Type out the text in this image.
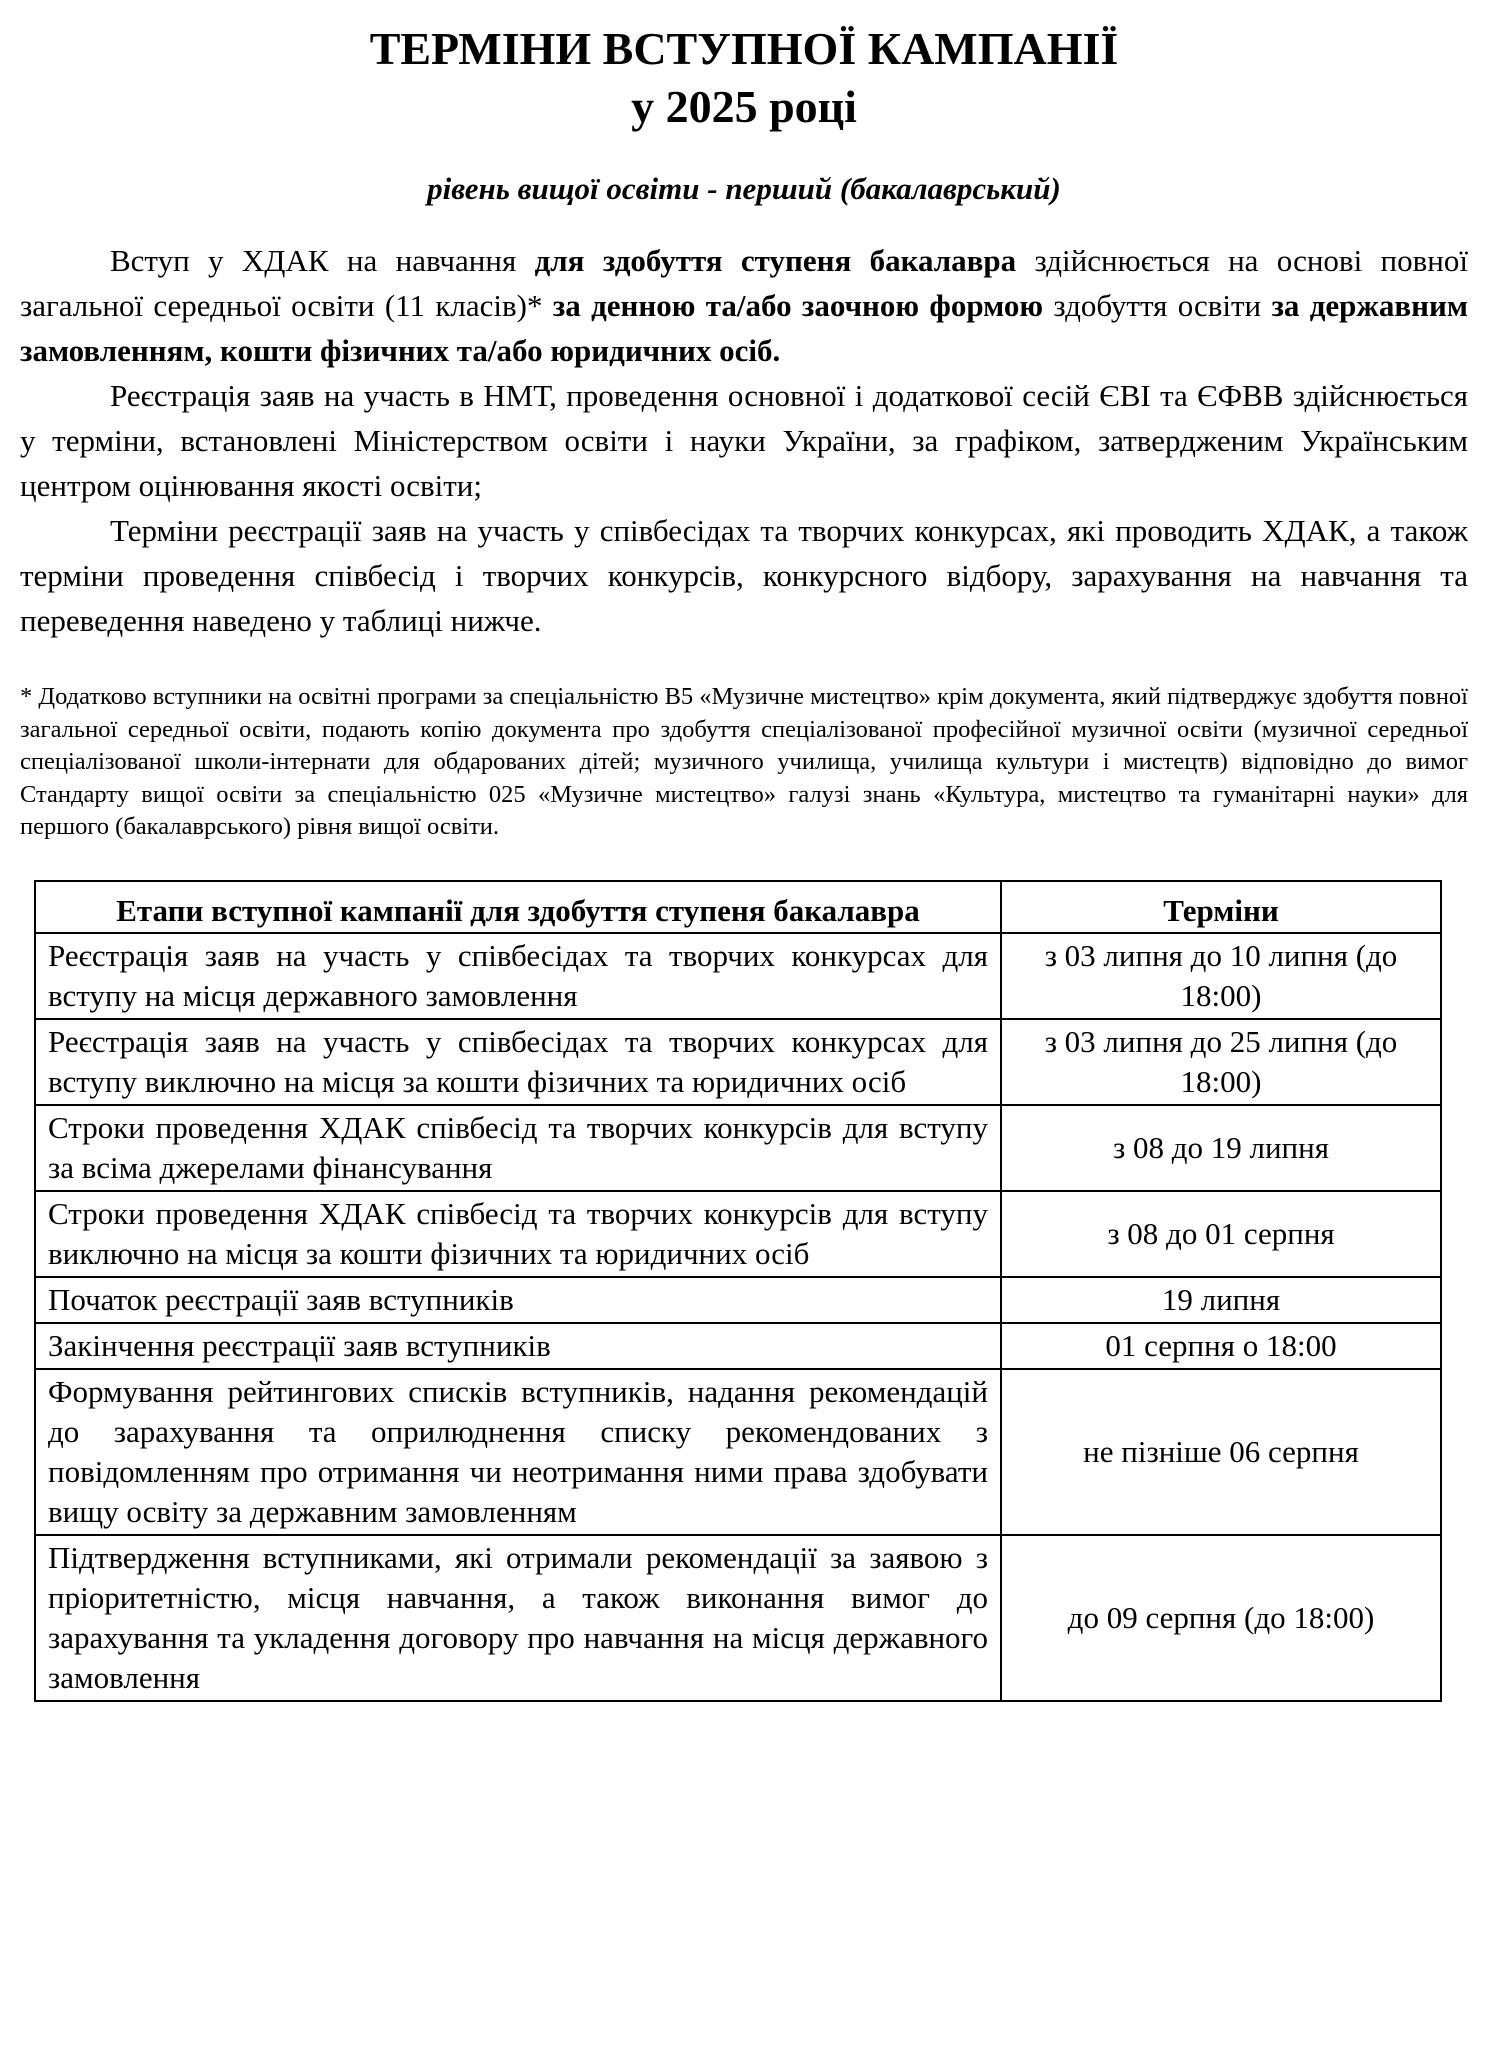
ТЕРМІНИ ВСТУПНОЇ КАМПАНІЇ
у 2025 році

рівень вищої освіти - перший (бакалаврський)

Вступ у ХДАК на навчання для здобуття ступеня бакалавра здійснюється на основі повної загальної середньої освіти (11 класів)* за денною та/або заочною формою здобуття освіти за державним замовленням, кошти фізичних та/або юридичних осіб.

Реєстрація заяв на участь в НМТ, проведення основної і додаткової сесій ЄВІ та ЄФВВ здійснюється у терміни, встановлені Міністерством освіти і науки України, за графіком, затвердженим Українським центром оцінювання якості освіти;

Терміни реєстрації заяв на участь у співбесідах та творчих конкурсах, які проводить ХДАК, а також терміни проведення співбесід і творчих конкурсів, конкурсного відбору, зарахування на навчання та переведення наведено у таблиці нижче.

* Додатково вступники на освітні програми за спеціальністю В5 «Музичне мистецтво» крім документа, який підтверджує здобуття повної загальної середньої освіти, подають копію документа про здобуття спеціалізованої професійної музичної освіти (музичної середньої спеціалізованої школи-інтернати для обдарованих дітей; музичного училища, училища культури і мистецтв) відповідно до вимог Стандарту вищої освіти за спеціальністю 025 «Музичне мистецтво» галузі знань «Культура, мистецтво та гуманітарні науки» для першого (бакалаврського) рівня вищої освіти.

Етапи вступної кампанії для здобуття ступеня бакалавра	Терміни
Реєстрація заяв на участь у співбесідах та творчих конкурсах для вступу на місця державного замовлення	з 03 липня до 10 липня (до 18:00)
Реєстрація заяв на участь у співбесідах та творчих конкурсах для вступу виключно на місця за кошти фізичних та юридичних осіб	з 03 липня до 25 липня (до 18:00)
Строки проведення ХДАК співбесід та творчих конкурсів для вступу за всіма джерелами фінансування	з 08 до 19 липня
Строки проведення ХДАК співбесід та творчих конкурсів для вступу виключно на місця за кошти фізичних та юридичних осіб	з 08 до 01 серпня
Початок реєстрації заяв вступників	19 липня
Закінчення реєстрації заяв вступників	01 серпня о 18:00
Формування рейтингових списків вступників, надання рекомендацій до зарахування та оприлюднення списку рекомендованих з повідомленням про отримання чи неотримання ними права здобувати вищу освіту за державним замовленням	не пізніше 06 серпня
Підтвердження вступниками, які отримали рекомендації за заявою з пріоритетністю, місця навчання, а також виконання вимог до зарахування та укладення договору про навчання на місця державного замовлення	до 09 серпня (до 18:00)
